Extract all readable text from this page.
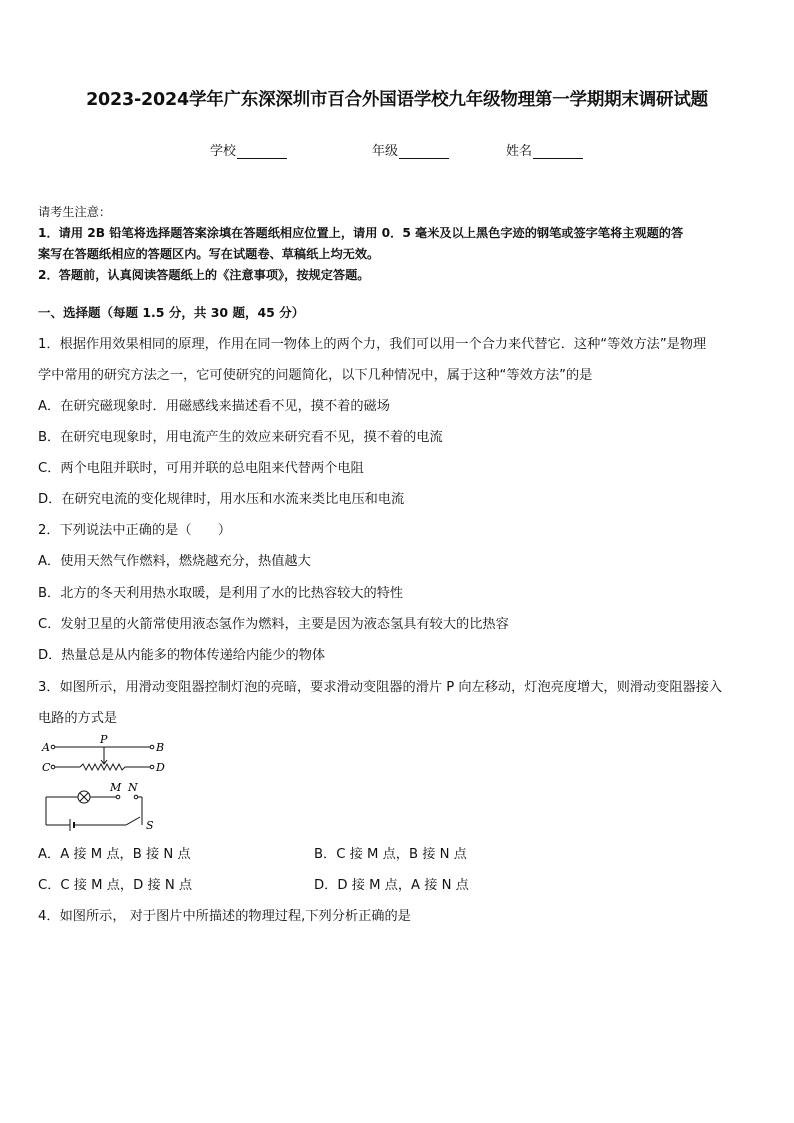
2023-2024学年广东深深圳市百合外国语学校九年级物理第一学期期末调研试题
学校	年级	姓名
请考生注意：
1．请用 2B 铅笔将选择题答案涂填在答题纸相应位置上，请用 0．5 毫米及以上黑色字迹的钢笔或签字笔将主观题的答
案写在答题纸相应的答题区内。写在试题卷、草稿纸上均无效。
2．答题前，认真阅读答题纸上的《注意事项》，按规定答题。
一、选择题（每题 1.5 分，共 30 题，45 分）
1．根据作用效果相同的原理，作用在同一物体上的两个力，我们可以用一个合力来代替它．这种“等效方法”是物理
学中常用的研究方法之一，它可使研究的问题简化，以下几种情况中，属于这种“等效方法”的是
A．在研究磁现象时．用磁感线来描述看不见，摸不着的磁场
B．在研究电现象时，用电流产生的效应来研究看不见，摸不着的电流
C．两个电阻并联时，可用并联的总电阻来代替两个电阻
D．在研究电流的变化规律时，用水压和水流来类比电压和电流
2．下列说法中正确的是（　　）
A．使用天然气作燃料，燃烧越充分，热值越大
B．北方的冬天利用热水取暖，是利用了水的比热容较大的特性
C．发射卫星的火箭常使用液态氢作为燃料，主要是因为液态氢具有较大的比热容
D．热量总是从内能多的物体传递给内能少的物体
3．如图所示，用滑动变阻器控制灯泡的亮暗，要求滑动变阻器的滑片 P 向左移动，灯泡亮度增大，则滑动变阻器接入
电路的方式是
A	B
P
C	D
M N
S
A．A 接 M 点，B 接 N 点	B．C 接 M 点，B 接 N 点
C．C 接 M 点，D 接 N 点	D．D 接 M 点，A 接 N 点
4．如图所示， 对于图片中所描述的物理过程,下列分析正确的是
